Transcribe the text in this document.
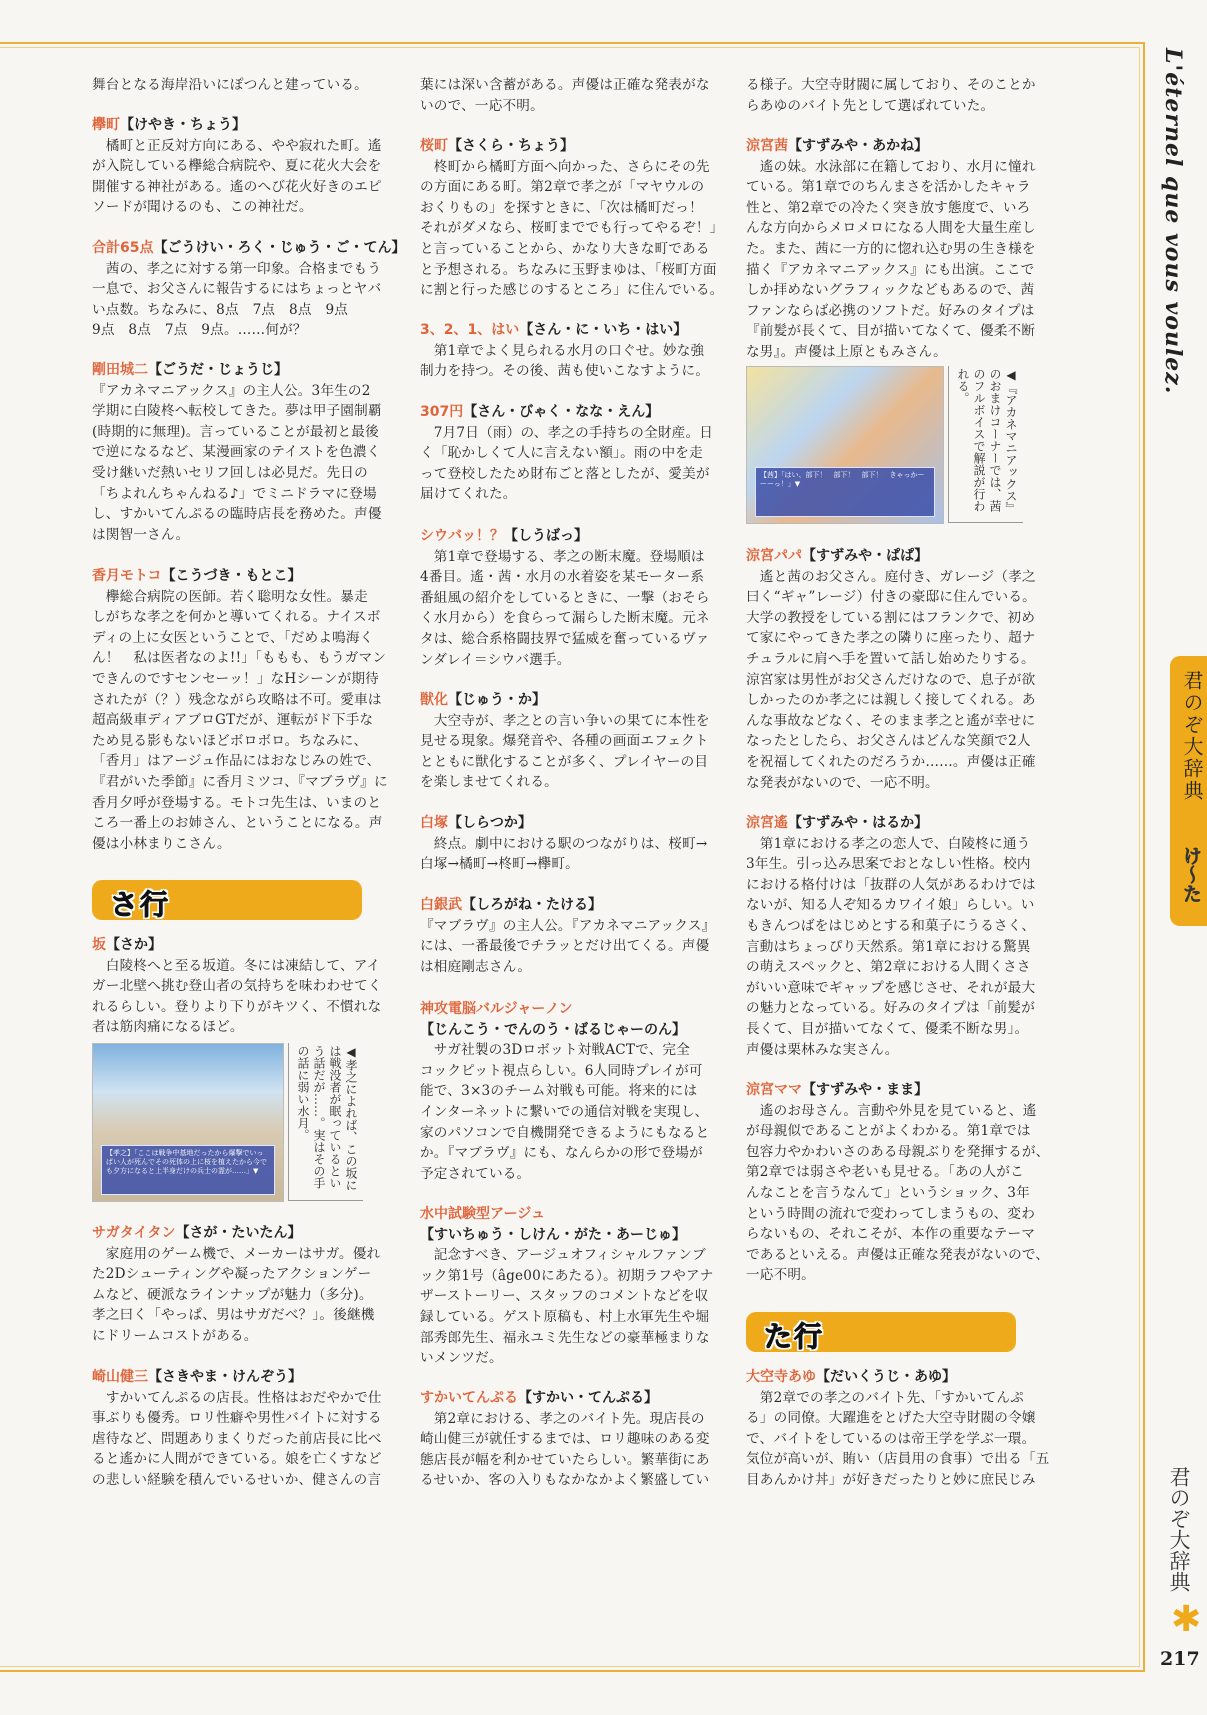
舞台となる海岸沿いにぽつんと建っている。
欅町【けやき・ちょう】
　橘町と正反対方向にある、やや寂れた町。遙
が入院している欅総合病院や、夏に花火大会を
開催する神社がある。遙のへび花火好きのエピ
ソードが聞けるのも、この神社だ。
合計65点【ごうけい・ろく・じゅう・ご・てん】
　茜の、孝之に対する第一印象。合格までもう
一息で、お父さんに報告するにはちょっとヤバ
い点数。ちなみに、8点　7点　8点　9点
9点　8点　7点　9点。……何が？
剛田城二【ごうだ・じょうじ】
『アカネマニアックス』の主人公。3年生の2
学期に白陵柊へ転校してきた。夢は甲子園制覇
(時期的に無理)。言っていることが最初と最後
で逆になるなど、某漫画家のテイストを色濃く
受け継いだ熱いセリフ回しは必見だ。先日の
「ちよれんちゃんねる♪」でミニドラマに登場
し、すかいてんぷるの臨時店長を務めた。声優
は関智一さん。
香月モトコ【こうづき・もとこ】
　欅総合病院の医師。若く聡明な女性。暴走
しがちな孝之を何かと導いてくれる。ナイスボ
ディの上に女医ということで、「だめよ鳴海く
ん！　私は医者なのよ!!」「ももも、もうガマン
できんのですセンセーッ！」なHシーンが期待
されたが（？）残念ながら攻略は不可。愛車は
超高級車ディアブロGTだが、運転がド下手な
ため見る影もないほどボロボロ。ちなみに、
「香月」はアージュ作品にはおなじみの姓で、
『君がいた季節』に香月ミツコ、『マブラヴ』に
香月夕呼が登場する。モトコ先生は、いまのと
ころ一番上のお姉さん、ということになる。声
優は小林まりこさん。
さ行
坂【さか】
　白陵柊へと至る坂道。冬には凍結して、アイ
ガー北壁へ挑む登山者の気持ちを味わわせてく
れるらしい。登りより下りがキツく、不慣れな
者は筋肉痛になるほど。
【孝之】「ここは戦争中基地だったから爆撃でいっぱい人が死んでその死体の上に桜を植えたから今でも夕方になると上半身だけの兵士の霊が……」▼	◀孝之によれば、この坂には戦没者が眠っているという話だが……。実はその手の話に弱い水月。
サガタイタン【さが・たいたん】
　家庭用のゲーム機で、メーカーはサガ。優れ
た2Dシューティングや凝ったアクションゲー
ムなど、硬派なラインナップが魅力（多分)。
孝之曰く「やっぱ、男はサガだべ？」。後継機
にドリームコストがある。
崎山健三【さきやま・けんぞう】
　すかいてんぷるの店長。性格はおだやかで仕
事ぶりも優秀。ロリ性癖や男性バイトに対する
虐待など、問題ありまくりだった前店長に比べ
ると遙かに人間ができている。娘を亡くすなど
の悲しい経験を積んでいるせいか、健さんの言
葉には深い含蓄がある。声優は正確な発表がな
いので、一応不明。
桜町【さくら・ちょう】
　柊町から橘町方面へ向かった、さらにその先
の方面にある町。第2章で孝之が「マヤウルの
おくりもの」を探すときに、「次は橘町だっ！
それがダメなら、桜町まででも行ってやるぞ！」
と言っていることから、かなり大きな町である
と予想される。ちなみに玉野まゆは、「桜町方面
に割と行った感じのするところ」に住んでいる。
3、2、1、はい【さん・に・いち・はい】
　第1章でよく見られる水月の口ぐせ。妙な強
制力を持つ。その後、茜も使いこなすように。
307円【さん・びゃく・なな・えん】
　7月7日（雨）の、孝之の手持ちの全財産。日
く「恥かしくて人に言えない額」。雨の中を走
って登校したため財布ごと落としたが、愛美が
届けてくれた。
シウバッ！？【しうばっ】
　第1章で登場する、孝之の断末魔。登場順は
4番目。遙・茜・水月の水着姿を某モーター系
番組風の紹介をしているときに、一撃（おそら
く水月から）を食らって漏らした断末魔。元ネ
タは、総合系格闘技界で猛威を奮っているヴァ
ンダレイ＝シウバ選手。
獣化【じゅう・か】
　大空寺が、孝之との言い争いの果てに本性を
見せる現象。爆発音や、各種の画面エフェクト
とともに獣化することが多く、プレイヤーの目
を楽しませてくれる。
白塚【しらつか】
　終点。劇中における駅のつながりは、桜町→
白塚→橘町→柊町→欅町。
白銀武【しろがね・たける】
『マブラヴ』の主人公。『アカネマニアックス』
には、一番最後でチラッとだけ出てくる。声優
は相庭剛志さん。
神攻電脳バルジャーノン
【じんこう・でんのう・ばるじゃーのん】
　サガ社製の3Dロボット対戦ACTで、完全
コックピット視点らしい。6人同時プレイが可
能で、3×3のチーム対戦も可能。将来的には
インターネットに繋いでの通信対戦を実現し、
家のパソコンで自機開発できるようにもなると
か。『マブラヴ』にも、なんらかの形で登場が
予定されている。
水中試験型アージュ
【すいちゅう・しけん・がた・あーじゅ】
　記念すべき、アージュオフィシャルファンブ
ック第1号（âge00にあたる）。初期ラフやアナ
ザーストーリー、スタッフのコメントなどを収
録している。ゲスト原稿も、村上水軍先生や堀
部秀郎先生、福永ユミ先生などの豪華極まりな
いメンツだ。
すかいてんぷる【すかい・てんぷる】
　第2章における、孝之のバイト先。現店長の
崎山健三が就任するまでは、ロリ趣味のある変
態店長が幅を利かせていたらしい。繁華街にあ
るせいか、客の入りもなかなかよく繁盛してい
る様子。大空寺財閥に属しており、そのことか
らあゆのバイト先として選ばれていた。
涼宮茜【すずみや・あかね】
　遙の妹。水泳部に在籍しており、水月に憧れ
ている。第1章でのちんまさを活かしたキャラ
性と、第2章での冷たく突き放す態度で、いろ
んな方向からメロメロになる人間を大量生産し
た。また、茜に一方的に惚れ込む男の生き様を
描く『アカネマニアックス』にも出演。ここで
しか拝めないグラフィックなどもあるので、茜
ファンならば必携のソフトだ。好みのタイプは
『前髪が長くて、目が描いてなくて、優柔不断
な男』。声優は上原ともみさん。
【茜】「はい、部下！　部下！　部下！　きゃっかーーーっ！」▼	◀『アカネマニアックス』のおまけコーナーでは、茜のフルボイスで解説が行われる。
涼宮パパ【すずみや・ぱぱ】
　遙と茜のお父さん。庭付き、ガレージ（孝之
曰く“ギャ”レージ）付きの豪邸に住んでいる。
大学の教授をしている割にはフランクで、初め
て家にやってきた孝之の隣りに座ったり、超ナ
チュラルに肩へ手を置いて話し始めたりする。
涼宮家は男性がお父さんだけなので、息子が欲
しかったのか孝之には親しく接してくれる。あ
んな事故などなく、そのまま孝之と遙が幸せに
なったとしたら、お父さんはどんな笑顔で2人
を祝福してくれたのだろうか……。声優は正確
な発表がないので、一応不明。
涼宮遙【すずみや・はるか】
　第1章における孝之の恋人で、白陵柊に通う
3年生。引っ込み思案でおとなしい性格。校内
における格付けは「抜群の人気があるわけでは
ないが、知る人ぞ知るカワイイ娘」らしい。い
もきんつばをはじめとする和菓子にうるさく、
言動はちょっぴり天然系。第1章における驚異
の萌えスペックと、第2章における人間くささ
がいい意味でギャップを感じさせ、それが最大
の魅力となっている。好みのタイプは「前髪が
長くて、目が描いてなくて、優柔不断な男」。
声優は栗林みな実さん。
涼宮ママ【すずみや・まま】
　遙のお母さん。言動や外見を見ていると、遙
が母親似であることがよくわかる。第1章では
包容力やかわいさのある母親ぶりを発揮するが、
第2章では弱さや老いも見せる。「あの人がこ
んなことを言うなんて」というショック、3年
という時間の流れで変わってしまうもの、変わ
らないもの、それこそが、本作の重要なテーマ
であるといえる。声優は正確な発表がないので、
一応不明。
た行
大空寺あゆ【だいくうじ・あゆ】
　第2章での孝之のバイト先、「すかいてんぷ
る」の同僚。大躍進をとげた大空寺財閥の令嬢
で、バイトをしているのは帝王学を学ぶ一環。
気位が高いが、賄い（店員用の食事）で出る「五
目あんかけ丼」が好きだったりと妙に庶民じみ
L'éternel que vous voulez.
君のぞ大辞典
け〜た
君のぞ大辞典
✱
217
